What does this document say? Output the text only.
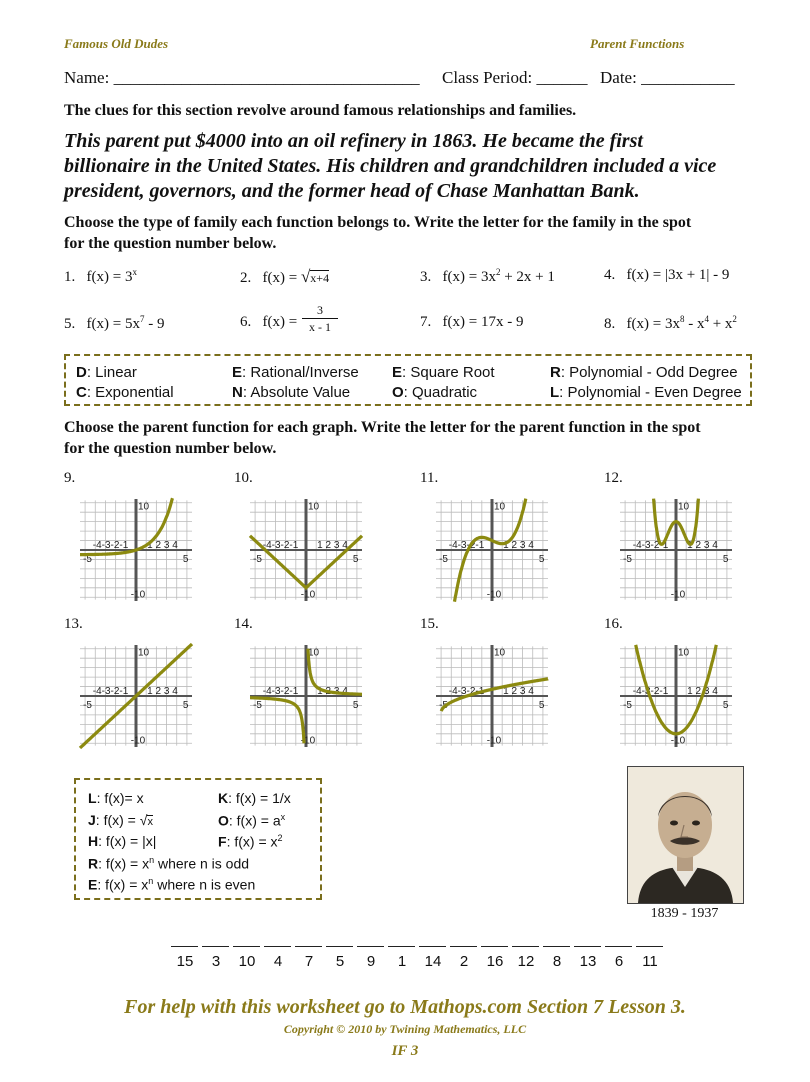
Famous Old Dudes	Parent Functions
Name: ____________________________________ Class Period: ______ Date: ___________
The clues for this section revolve around famous relationships and families.
This parent put $4000 into an oil refinery in 1863. He became the first
billionaire in the United States. His children and grandchildren included a vice
president, governors, and the former head of Chase Manhattan Bank.
Choose the type of family each function belongs to. Write the letter for the family in the spot
for the question number below.
1. $f(x) = 3^x$	2. f(x) = √x+4	3. $f(x) = 3x^2 + 2x + 1$	4. f(x) = |3x + 1| - 9
5. $f(x) = 5x^7 - 9$	6. $f(x) = \frac{3}{x - 1}$	7. f(x) = 17x - 9	8. $f(x) = 3x^8 - x^4 + x^2$
D: Linear	E: Rational/Inverse E: Square Root	R: Polynomial - Odd Degree
C: Exponential	N: Absolute Value	O: Quadratic	L: Polynomial - Even Degree
Choose the parent function for each graph. Write the letter for the parent function in the spot
for the question number below.
9.
10
-10
-5	5
-4-3-2-1 1 2 3 4
10.
10
-10
-5	5
-4-3-2-1 1 2 3 4
11.
10
-10
-5	5
-4-3-2-1 1 2 3 4
12.
10
-10
-5	5
-4-3-2-1 1 2 3 4
13.
10
-10
-5	5
-4-3-2-1 1 2 3 4
14.
10
-10
-5	5
-4-3-2-1 1 2 3 4
15.
10
-10
-5	5
-4-3-2-1 1 2 3 4
16.
10
-10
-5	5
-4-3-2-1 1 2 3 4
L: f(x)= x	K: f(x) = 1/x
J: f(x) = √x	O: $f(x) = a^x$
H: f(x) = |x|	F: $f(x) = x^2$
R: $f(x) = x^n$ where n is odd
E: $f(x) = x^n$ where n is even
1839 - 1937
15	3	10	4	7	5	9	1	14	2	16 12	8	13	6	11
For help with this worksheet go to Mathops.com Section 7 Lesson 3.
Copyright © 2010 by Twining Mathematics, LLC
IF 3
